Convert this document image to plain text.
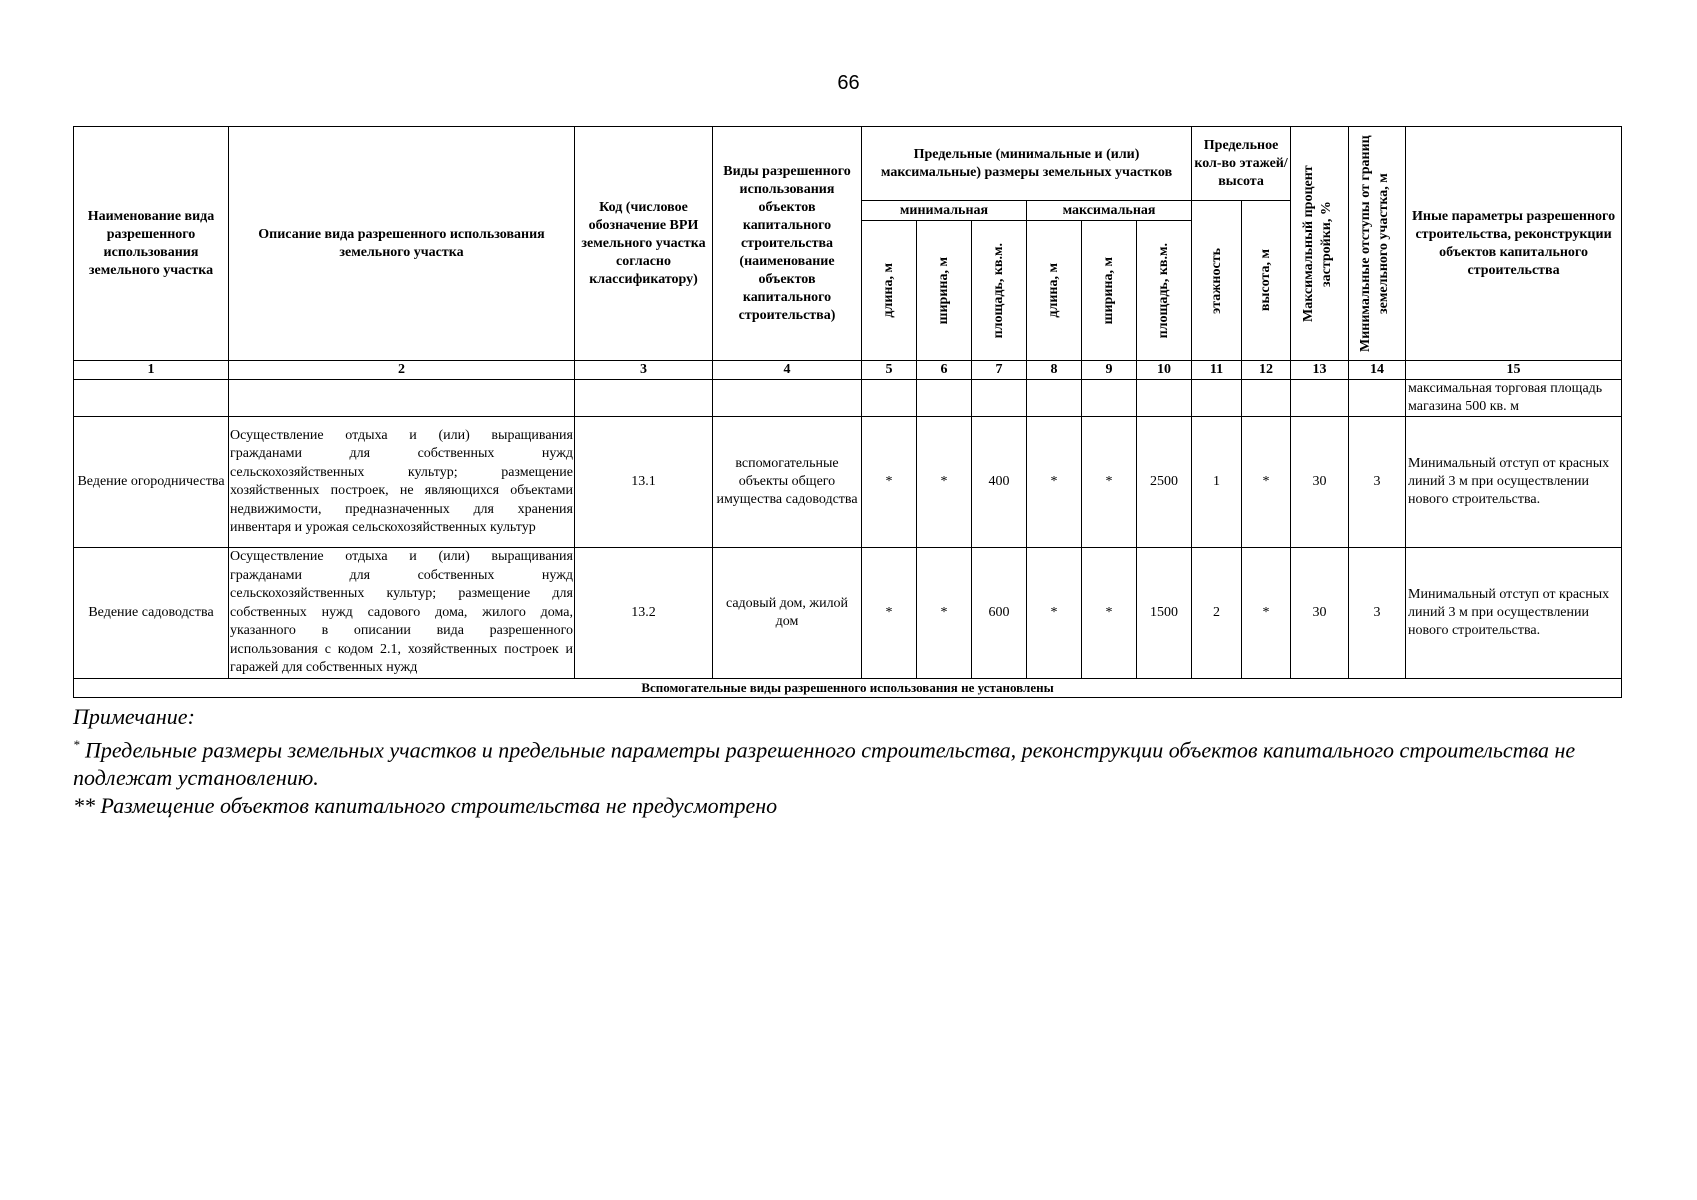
66
Наименование вида разрешенного использования земельного участка	Описание вида разрешенного использования земельного участка	Код (числовое обозначение ВРИ земельного участка согласно классификатору)	Виды разрешенного использования объектов капитального строительства (наименование объектов капитального строительства)	Предельные (минимальные и (или) максимальные) размеры земельных участков						Предельное кол-во этажей/ высота		Максимальный процент застройки, %	Минимальные отступы от границ земельного участка, м	Иные параметры разрешенного строительства, реконструкции объектов капитального строительства
				минимальная			максимальная			этажность	высота, м			

				длина, м	ширина, м	площадь, кв.м.	длина, м	ширина, м	площадь, кв.м.					

1	2	3	4	5	6	7	8	9	10	11	12	13	14	15
														максимальная торговая площадь магазина 500 кв. м
Ведение огородничества	Осуществление отдыха и (или) выращивания гражданами для собственных нужд сельскохозяйственных культур; размещение хозяйственных построек, не являющихся объектами недвижимости, предназначенных для хранения инвентаря и урожая сельскохозяйственных культур	13.1	вспомогательные объекты общего имущества садоводства	*	*	400	*	*	2500	1	*	30	3	Минимальный отступ от красных линий 3 м при осуществлении нового строительства.
Ведение садоводства	Осуществление отдыха и (или) выращивания гражданами для собственных нужд сельскохозяйственных культур; размещение для собственных нужд садового дома, жилого дома, указанного в описании вида разрешенного использования с кодом 2.1, хозяйственных построек и гаражей для собственных нужд	13.2	садовый дом, жилой дом	*	*	600	*	*	1500	2	*	30	3	Минимальный отступ от красных линий 3 м при осуществлении нового строительства.
Вспомогательные виды разрешенного использования не установлены														
Примечание:
* Предельные размеры земельных участков и предельные параметры разрешенного строительства, реконструкции объектов капитального строительства не подлежат установлению.
** Размещение объектов капитального строительства не предусмотрено
